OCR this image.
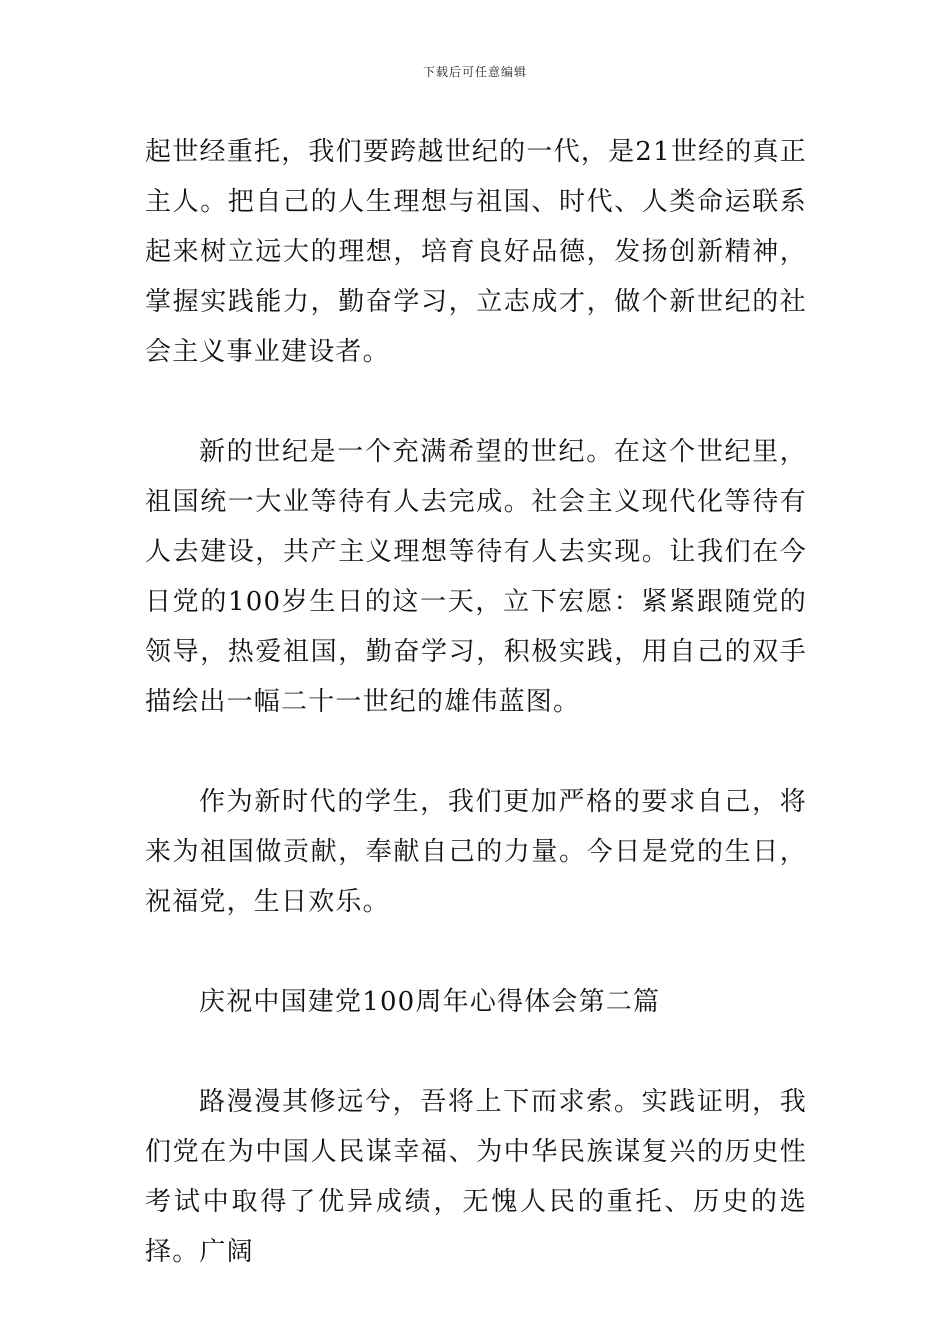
下载后可任意编辑

起世经重托，我们要跨越世纪的一代，是21世经的真正主人。把自己的人生理想与祖国、时代、人类命运联系起来树立远大的理想，培育良好品德，发扬创新精神，掌握实践能力，勤奋学习，立志成才，做个新世纪的社会主义事业建设者。

新的世纪是一个充满希望的世纪。在这个世纪里，祖国统一大业等待有人去完成。社会主义现代化等待有人去建设，共产主义理想等待有人去实现。让我们在今日党的100岁生日的这一天，立下宏愿：紧紧跟随党的领导，热爱祖国，勤奋学习，积极实践，用自己的双手描绘出一幅二十一世纪的雄伟蓝图。

作为新时代的学生，我们更加严格的要求自己，将来为祖国做贡献，奉献自己的力量。今日是党的生日，祝福党，生日欢乐。

庆祝中国建党100周年心得体会第二篇

路漫漫其修远兮，吾将上下而求索。实践证明，我们党在为中国人民谋幸福、为中华民族谋复兴的历史性考试中取得了优异成绩，无愧人民的重托、历史的选择。广阔
